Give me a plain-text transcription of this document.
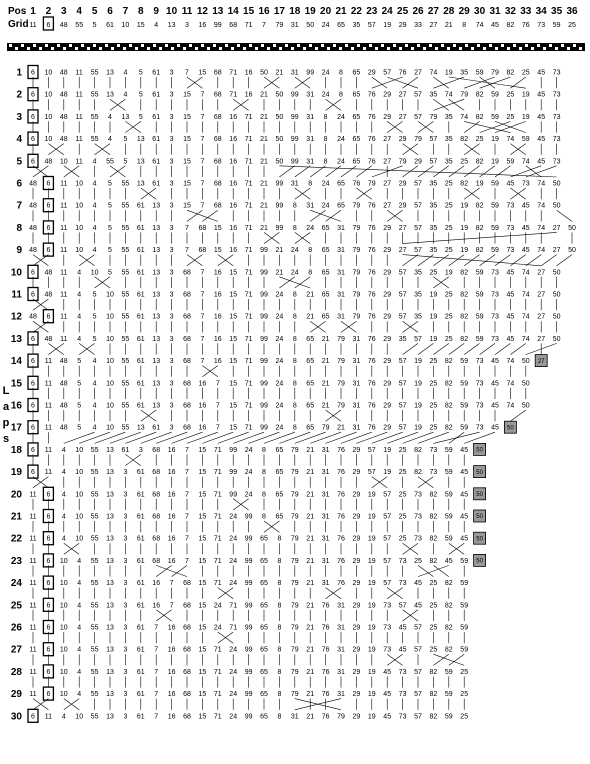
Pos
Grid
1 2 3 4 5 6 7 8 9 10 11 12 13 14 15 16 17 18 19 20 21 22 23 24 25 26 27 28 29 30 31 32 33 34 35 36
11 6 48 55 5 61 10 15 4 13 3 16 99 68 71 7 79 31 50 24 65 35 57 19 29 33 27 21 8 74 45 82 76 73 59 25
1 6 10 48 11 55 13 4 5 61 3 7 15 68 71 16 50 21 31 99 24 8 65 29 57 76 27 74 19 35 59 79 82 25 45 73
2 6 10 48 11 55 13 4 5 61 3 15 7 68 71 16 21 50 99 31 24 8 65 76 29 27 57 35 74 79 82 59 25 19 45 73
3 6 10 48 11 55 4 13 5 61 3 15 7 68 16 71 21 50 99 31 8 24 65 76 29 27 57 79 35 74 82 59 25 19 45 73
4 6 10 48 11 55 4 5 13 61 3 15 7 68 16 71 21 50 99 31 8 24 65 76 27 29 79 57 35 82 25 19 74 59 45 73
5 6 48 10 11 4 55 5 13 61 3 15 7 68 16 71 21 50 99 31 8 24 65 76 27 79 29 57 35 25 82 19 59 74 45 73
6 48 6 11 10 4 5 55 13 61 3 15 7 68 16 71 21 99 31 8 24 65 76 79 27 29 57 35 25 82 19 59 45 73 74 50
7 48 6 11 10 4 5 55 61 13 3 15 7 68 16 71 21 99 8 31 24 65 79 76 27 29 57 35 25 19 82 59 73 45 74 50
8 48 6 11 10 4 5 55 61 13 3 7 68 15 16 71 21 99 8 24 65 31 79 76 29 27 57 35 25 19 82 59 73 45 74 27 50
9 48 6 11 10 4 5 55 61 13 3 7 68 15 16 71 99 21 24 8 65 31 79 76 29 27 57 35 25 19 82 59 73 45 74 27 50
10 6 48 11 4 10 5 55 61 13 3 68 7 16 15 71 99 21 24 8 65 31 79 76 29 57 35 25 19 82 59 73 45 74 27 50
11 6 48 11 4 5 10 55 61 13 3 68 7 16 15 71 99 24 8 21 65 31 79 76 29 57 35 19 25 82 59 73 45 74 27 50
12 48 6 11 4 5 10 55 61 13 3 68 7 16 15 71 99 24 8 21 65 31 79 76 29 57 35 19 25 82 59 73 45 74 27 50
13 6 48 11 4 5 10 55 61 13 3 68 7 16 15 71 99 24 8 65 21 79 31 76 29 35 57 19 25 82 59 73 45 74 27 50
14 6 11 48 5 4 10 55 61 13 3 68 7 16 15 71 99 24 8 65 21 79 31 76 29 57 19 25 82 59 73 45 74 50 27
15 6 11 48 5 4 10 55 61 13 3 68 16 7 15 71 99 24 8 65 21 79 31 76 29 57 19 25 82 59 73 45 74 50
16 6 11 48 5 4 10 55 61 13 3 68 16 7 15 71 99 24 8 65 21 79 31 76 29 57 19 25 82 59 73 45 74 50
17 6 11 48 5 4 10 55 13 61 3 68 16 7 15 71 99 24 8 65 79 21 31 76 29 57 19 25 82 59 73 45 50
18 6 11 4 10 55 13 61 3 68 16 7 15 71 99 24 8 65 79 21 31 76 29 57 19 25 82 73 59 45 50
19 6 11 4 10 55 13 3 61 68 16 7 15 71 99 24 8 65 79 21 31 76 29 57 19 25 82 73 59 45 50
20 11 6 4 10 55 13 3 61 68 16 7 15 71 99 24 8 65 79 21 31 76 29 19 57 25 73 82 59 45 50
21 11 6 4 10 55 13 3 61 68 16 7 15 71 24 99 8 65 79 21 31 76 29 19 57 25 73 82 59 45 50
22 11 6 4 10 55 13 3 61 68 16 7 15 71 24 99 65 8 79 21 31 76 29 19 57 25 73 82 59 45 50
23 11 6 10 4 55 13 3 61 68 16 7 15 71 24 99 65 8 79 21 31 76 29 19 57 73 25 82 45 59 50
24 11 6 10 4 55 13 3 61 16 7 68 15 71 24 99 65 8 79 21 31 76 29 19 57 73 45 25 82 59
25 11 6 10 4 55 13 3 61 16 7 68 15 24 71 99 65 8 79 21 76 31 29 19 73 57 45 25 82 59
26 11 6 10 4 55 13 3 61 7 16 68 15 24 71 99 65 8 79 21 76 31 29 19 73 45 57 25 82 59
27 11 6 10 4 55 13 3 61 7 16 68 15 71 24 99 65 8 79 21 76 31 29 19 73 45 57 25 82 59
28 11 6 10 4 55 13 3 61 7 16 68 15 71 24 99 65 8 79 21 76 31 29 19 45 73 57 82 59 25
29 11 6 10 4 55 13 3 61 7 16 68 15 71 24 99 65 8 79 21 76 31 29 19 45 73 57 82 59 25
30 6 11 4 10 55 13 3 61 7 16 68 15 71 24 99 65 8 31 21 76 79 29 19 45 73 57 82 59 25
L
a
p
s
